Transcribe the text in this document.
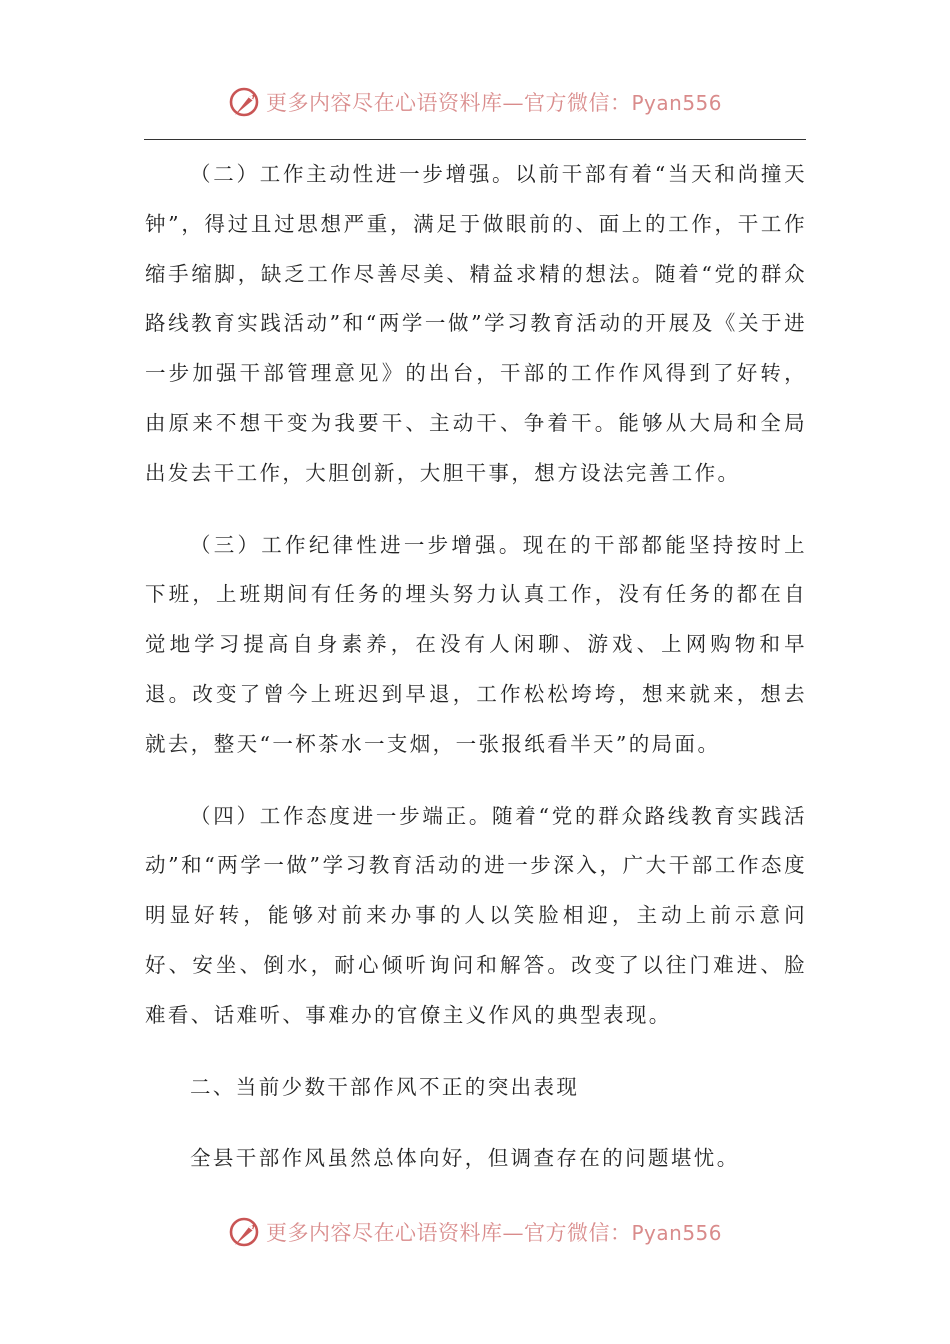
更多内容尽在心语资料库—官方微信：Pyan556

（二）工作主动性进一步增强。以前干部有着“当天和尚撞天钟”，得过且过思想严重，满足于做眼前的、面上的工作，干工作缩手缩脚，缺乏工作尽善尽美、精益求精的想法。随着“党的群众路线教育实践活动”和“两学一做”学习教育活动的开展及《关于进一步加强干部管理意见》的出台，干部的工作作风得到了好转，由原来不想干变为我要干、主动干、争着干。能够从大局和全局出发去干工作，大胆创新，大胆干事，想方设法完善工作。

（三）工作纪律性进一步增强。现在的干部都能坚持按时上下班，上班期间有任务的埋头努力认真工作，没有任务的都在自觉地学习提高自身素养，在没有人闲聊、游戏、上网购物和早退。改变了曾今上班迟到早退，工作松松垮垮，想来就来，想去就去，整天“一杯茶水一支烟，一张报纸看半天”的局面。

（四）工作态度进一步端正。随着“党的群众路线教育实践活动”和“两学一做”学习教育活动的进一步深入，广大干部工作态度明显好转，能够对前来办事的人以笑脸相迎，主动上前示意问好、安坐、倒水，耐心倾听询问和解答。改变了以往门难进、脸难看、话难听、事难办的官僚主义作风的典型表现。

二、当前少数干部作风不正的突出表现

全县干部作风虽然总体向好，但调查存在的问题堪忧。

更多内容尽在心语资料库—官方微信：Pyan556
